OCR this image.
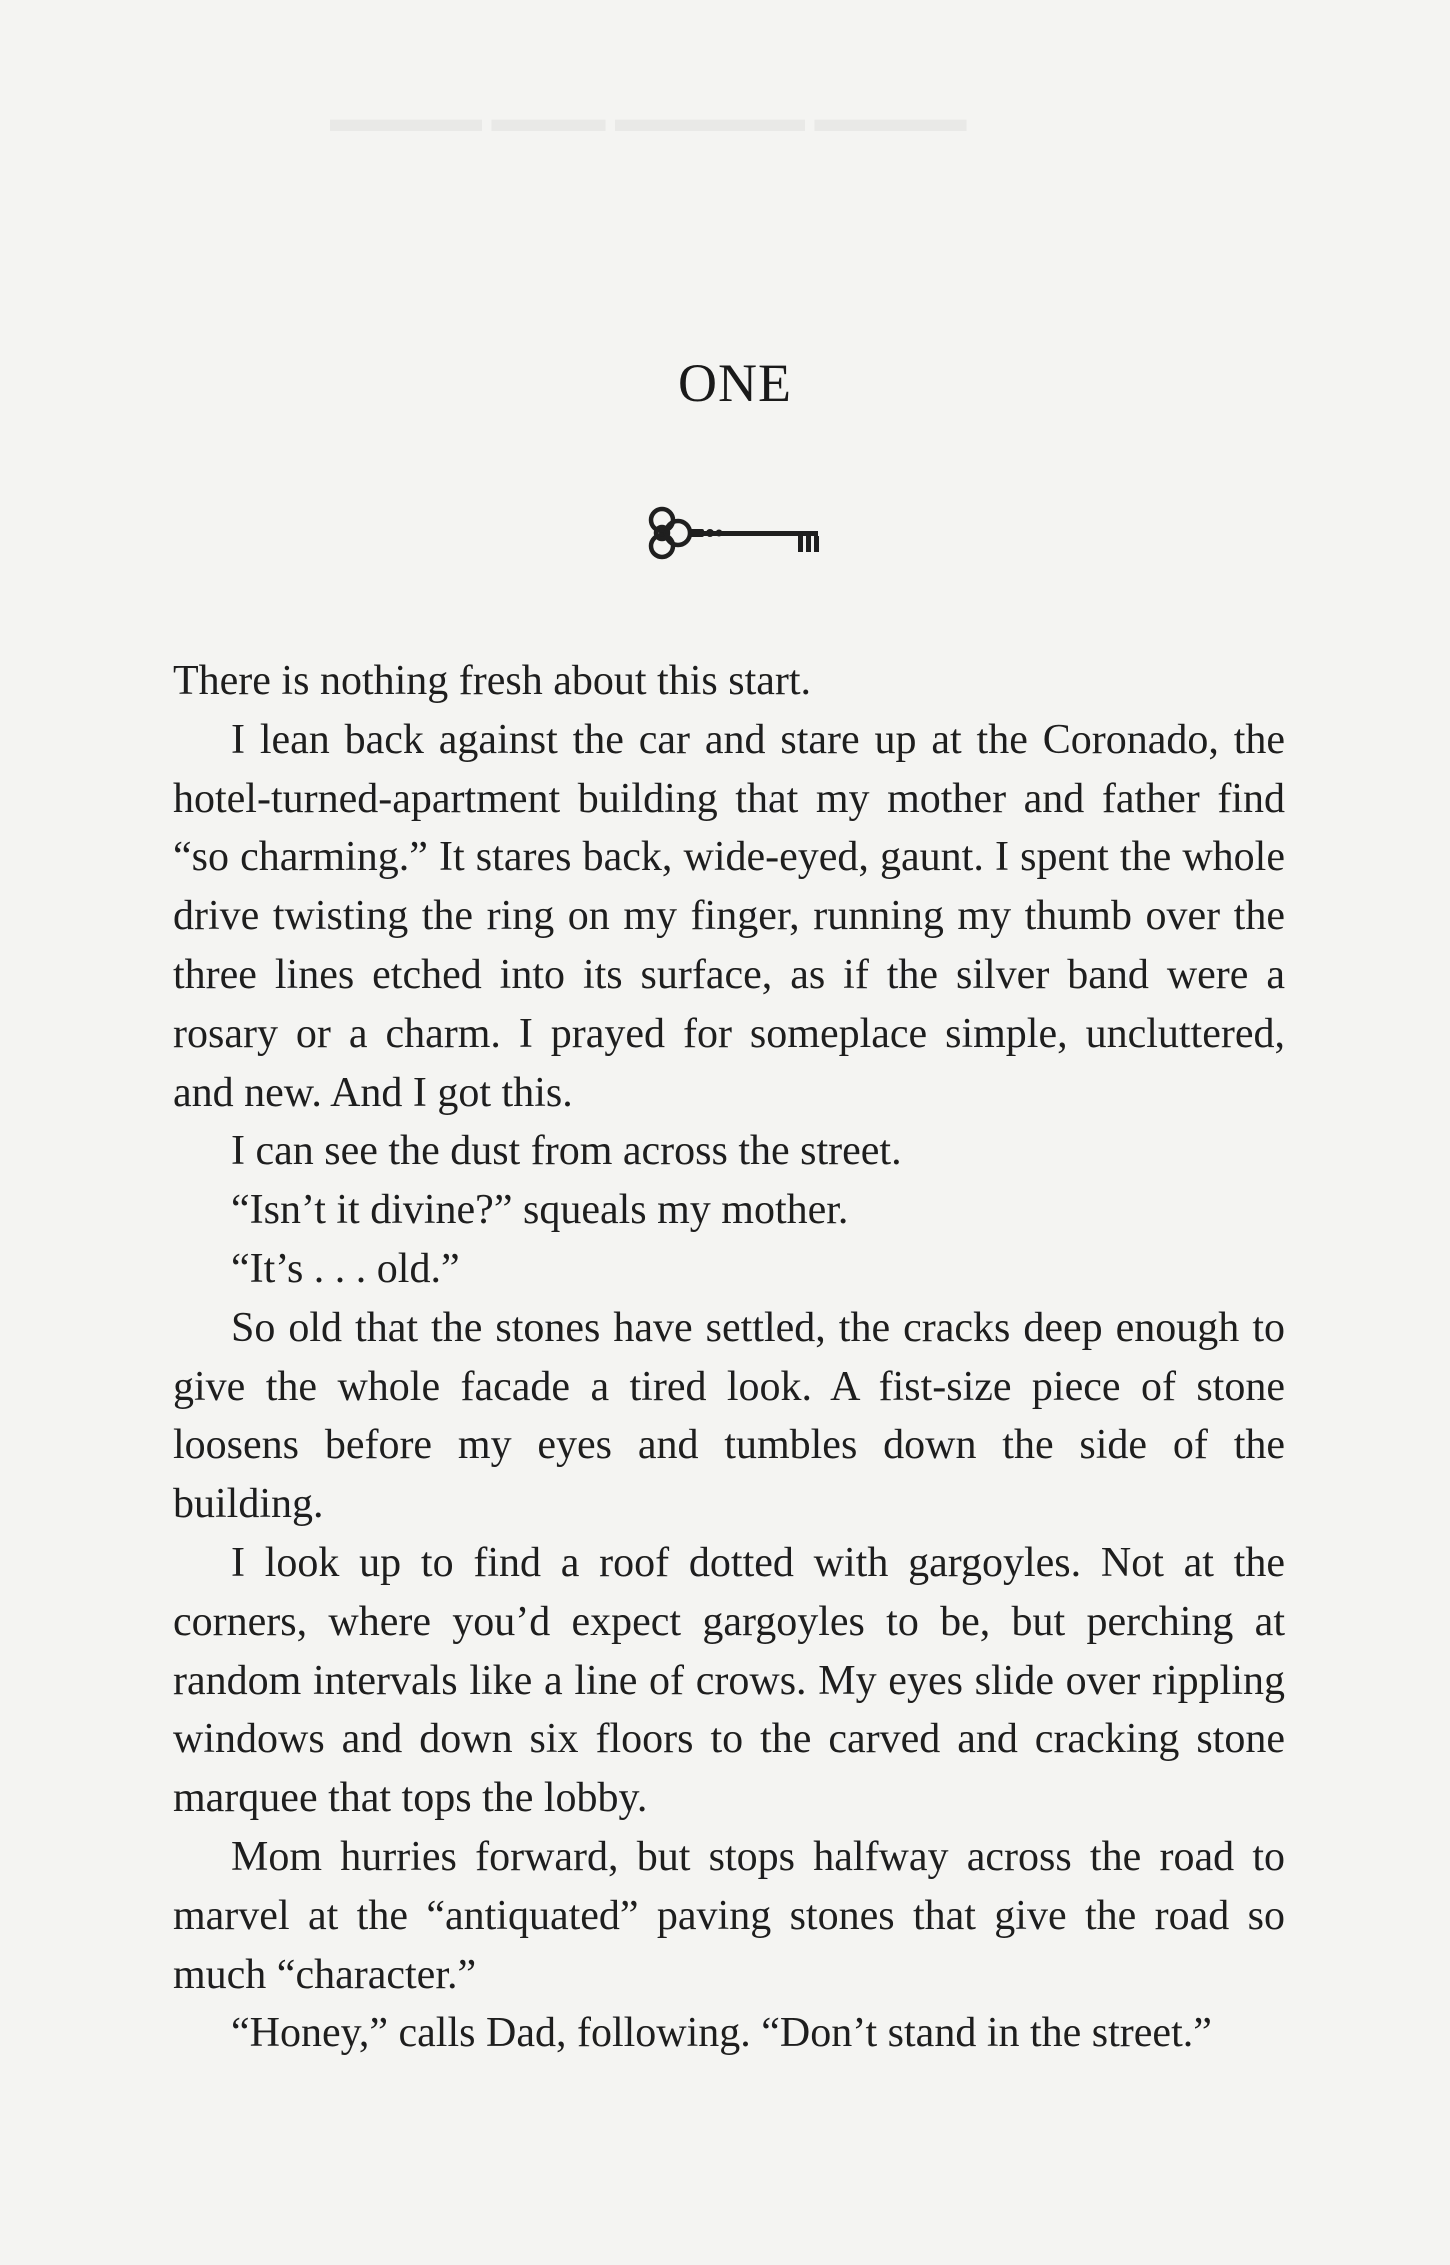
ONE

There is nothing fresh about this start.

I lean back against the car and stare up at the Coronado, the hotel-turned-apartment building that my mother and father find “so charming.” It stares back, wide-eyed, gaunt. I spent the whole drive twisting the ring on my finger, running my thumb over the three lines etched into its surface, as if the silver band were a rosary or a charm. I prayed for someplace simple, uncluttered, and new. And I got this.

I can see the dust from across the street.

“Isn’t it divine?” squeals my mother.

“It’s . . . old.”

So old that the stones have settled, the cracks deep enough to give the whole facade a tired look. A fist-size piece of stone loosens before my eyes and tumbles down the side of the building.

I look up to find a roof dotted with gargoyles. Not at the corners, where you’d expect gargoyles to be, but perching at random intervals like a line of crows. My eyes slide over rippling windows and down six floors to the carved and cracking stone marquee that tops the lobby.

Mom hurries forward, but stops halfway across the road to marvel at the “antiquated” paving stones that give the road so much “character.”

“Honey,” calls Dad, following. “Don’t stand in the street.”
